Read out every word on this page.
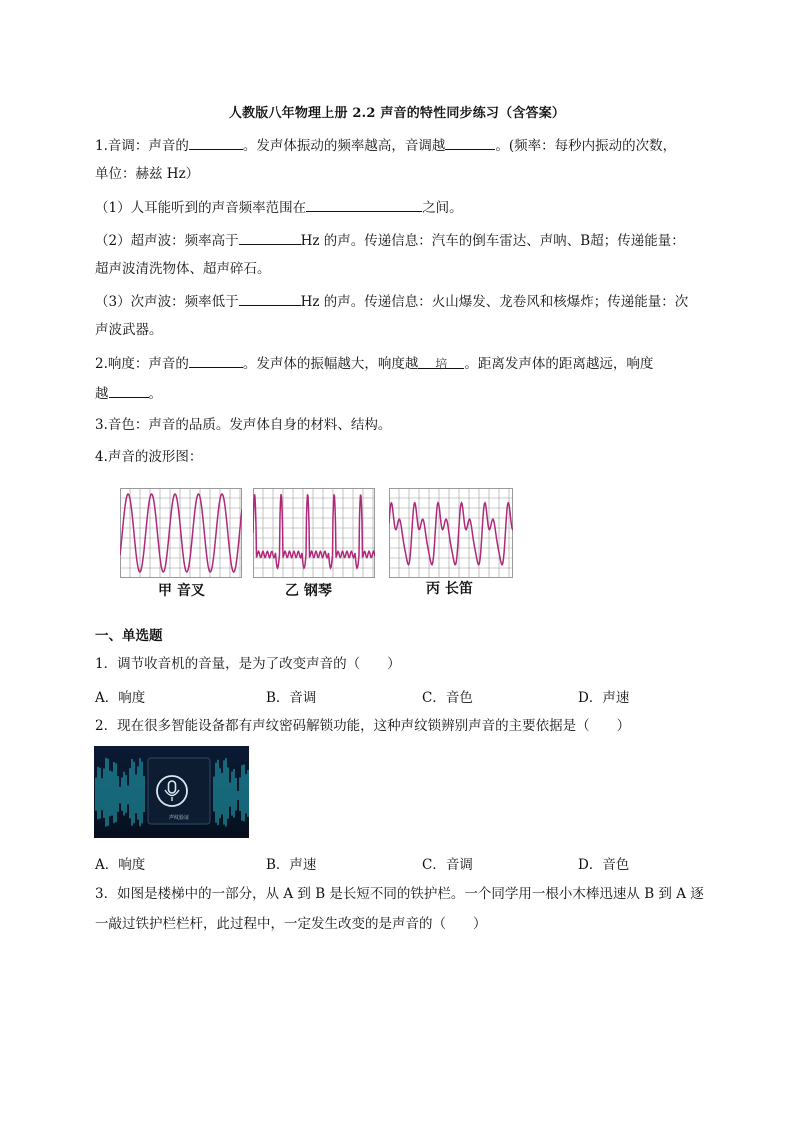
人教版八年物理上册 2.2 声音的特性同步练习（含答案）
1.音调：声音的	。发声体振动的频率越高，音调越	。(频率：每秒内振动的次数，
单位：赫兹 Hz）
（1）人耳能听到的声音频率范围在	之间。
（2）超声波：频率高于	Hz 的声。传递信息：汽车的倒车雷达、声呐、B超；传递能量：
超声波清洗物体、超声碎石。
（3）次声波：频率低于	Hz 的声。传递信息：火山爆发、龙卷风和核爆炸；传递能量：次
声波武器。
2.响度：声音的	。发声体的振幅越大，响度越 培 。距离发声体的距离越远，响度
越	。
3.音色：声音的品质。发声体自身的材料、结构。
4.声音的波形图：
甲 音叉	乙 钢琴	丙 长笛
一、单选题
1．调节收音机的音量，是为了改变声音的（　　）
A．响度	B．音调	C．音色	D．声速
2．现在很多智能设备都有声纹密码解锁功能，这种声纹锁辨别声音的主要依据是（　　）
声纹验证
A．响度	B．声速	C．音调	D．音色
3．如图是楼梯中的一部分，从 A 到 B 是长短不同的铁护栏。一个同学用一根小木棒迅速从 B 到 A 逐
一敲过铁护栏栏杆，此过程中，一定发生改变的是声音的（　　）
